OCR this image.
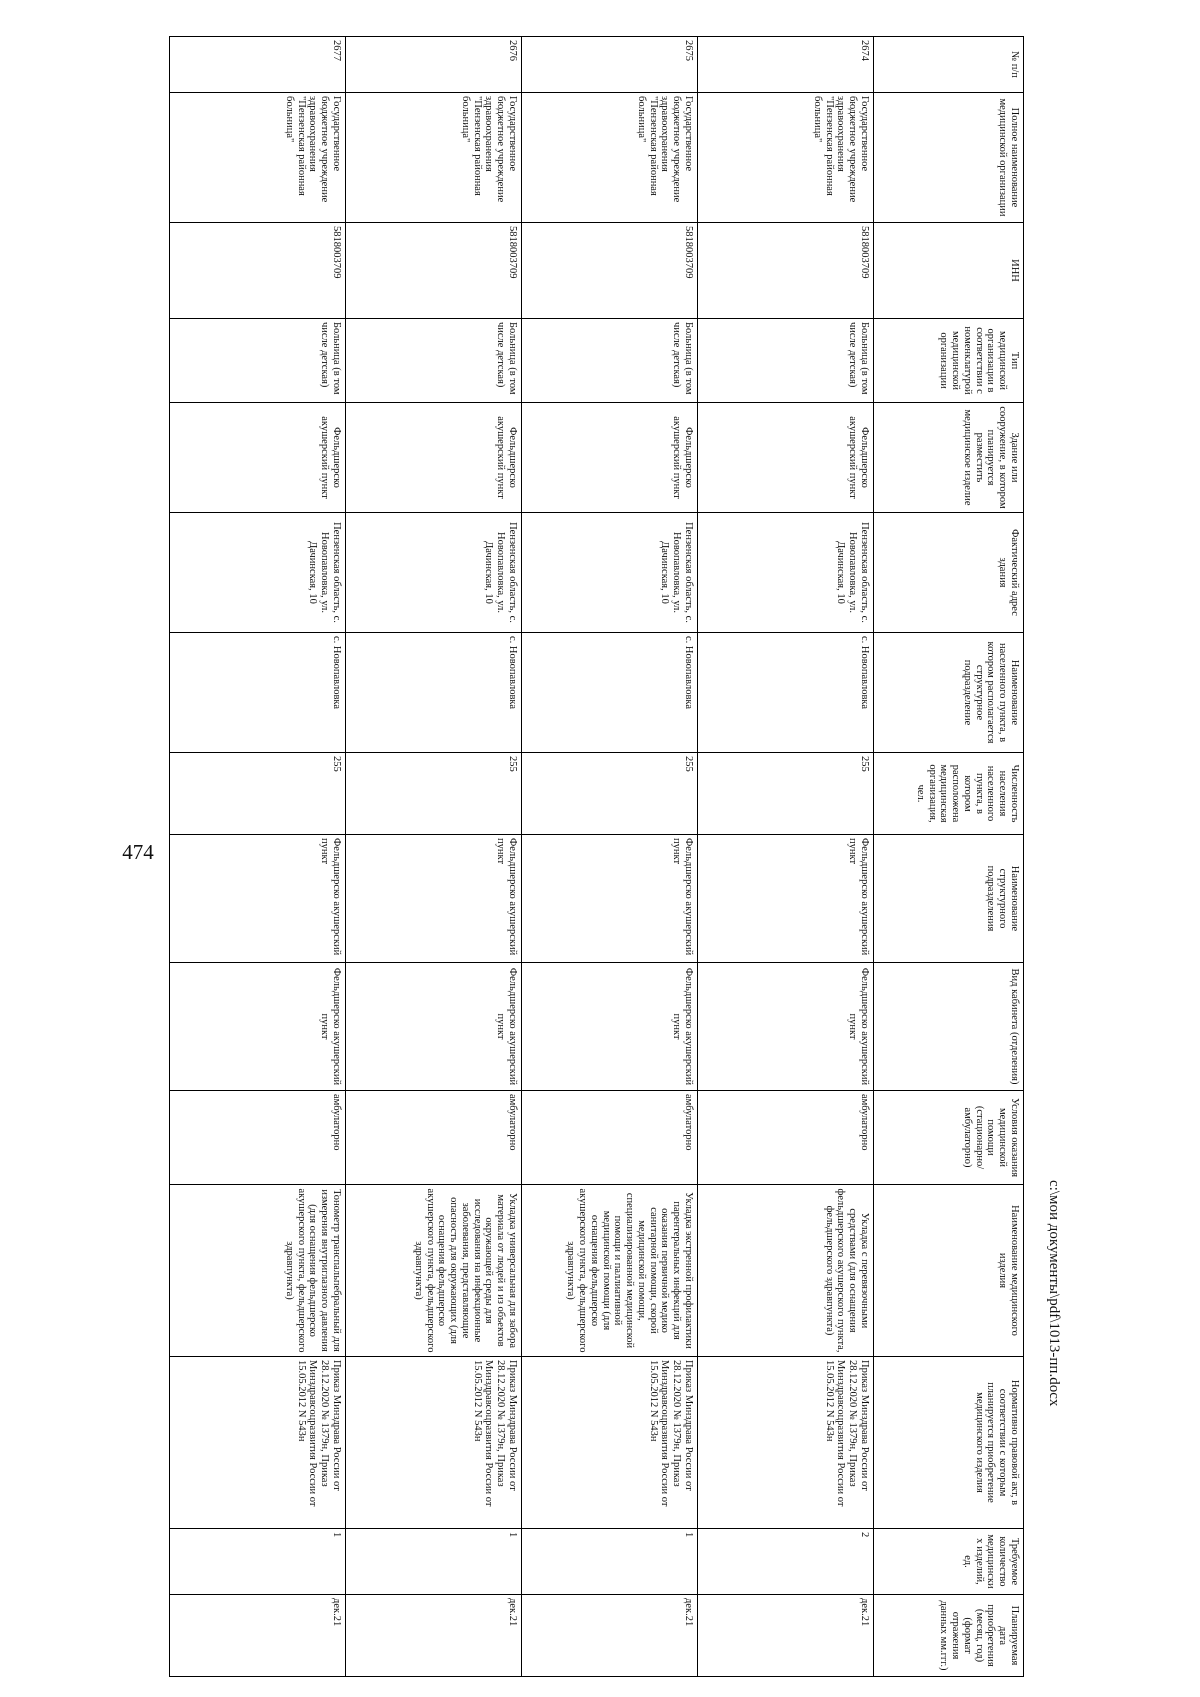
474
№ п/п	Полное наименование медицинской организации	ИНН	Тип медицинской организации в соответствии с номенклатурой медицинской организации	Здание или сооружение, в котором планируется разместить медицинское изделие	Фактический адрес здания	Наименование населенного пункта, в котором располагается структурное подразделение	Численность населения населенного пункта, в котором расположена медицинская организация, чел.	Наименование структурного подразделения	Вид кабинета (отделения)	Условия оказания медицинской помощи (стационарно/ амбулаторно)	Наименование медицинского изделия	Нормативно правовой акт, в соответствии с которым планируется приобретение медицинского изделия	Требуемое количество медицинских изделий, ед.	Планируемая дата приобретения (месяц, год) (формат отражения данных мм.ггг.)
2674	Государственное бюджетное учреждение здравоохранения "Пензенская районная больница"	5818003709	Больница (в том числе детская)	Фельдшерско акушерский пункт	Пензенская область, с. Новопавловка, ул. Дачинская, 10	с. Новопавловка	255	Фельдшерско акушерский пункт	Фельдшерско акушерский пункт	амбулаторно	Укладка с перевязочными средствами (для оснащения фельдшерского акушерского пункта, фельдшерского здравпункта)	Приказ Минздрава России от 28.12.2020 № 1379н, Приказ Минздравсоцразвития России от 15.05.2012 N 543н	2	дек.21
2675	Государственное бюджетное учреждение здравоохранения "Пензенская районная больница"	5818003709	Больница (в том числе детская)	Фельдшерско акушерский пункт	Пензенская область, с. Новопавловка, ул. Дачинская, 10	с. Новопавловка	255	Фельдшерско акушерский пункт	Фельдшерско акушерский пункт	амбулаторно	Укладка экстренной профилактики парентеральных инфекций для оказания первичной медико санитарной помощи, скорой медицинской помощи, специализированной медицинской помощи и паллиативной медицинской помощи (для оснащения фельдшерско акушерского пункта, фельдшерского здравпункта)	Приказ Минздрава России от 28.12.2020 № 1379н, Приказ Минздравсоцразвития России от 15.05.2012 N 543н	1	дек.21
2676	Государственное бюджетное учреждение здравоохранения "Пензенская районная больница"	5818003709	Больница (в том числе детская)	Фельдшерско акушерский пункт	Пензенская область, с. Новопавловка, ул. Дачинская, 10	с. Новопавловка	255	Фельдшерско акушерский пункт	Фельдшерско акушерский пункт	амбулаторно	Укладка универсальная для забора материала от людей и из объектов окружающей среды для исследования на инфекционные заболевания, представляющие опасность для окружающих (для оснащения фельдшерско акушерского пункта, фельдшерского здравпункта)	Приказ Минздрава России от 28.12.2020 № 1379н, Приказ Минздравсоцразвития России от 15.05.2012 N 543н	1	дек.21
2677	Государственное бюджетное учреждение здравоохранения "Пензенская районная больница"	5818003709	Больница (в том числе детская)	Фельдшерско акушерский пункт	Пензенская область, с. Новопавловка, ул. Дачинская, 10	с. Новопавловка	255	Фельдшерско акушерский пункт	Фельдшерско акушерский пункт	амбулаторно	Тонометр транспальпебральный для измерения внутриглазного давления (для оснащения фельдшерско акушерского пункта, фельдшерского здравпункта)	Приказ Минздрава России от 28.12.2020 № 1379н, Приказ Минздравсоцразвития России от 15.05.2012 N 543н	1	дек.21
c:\мои документы\pdf\1013-пп.docx
